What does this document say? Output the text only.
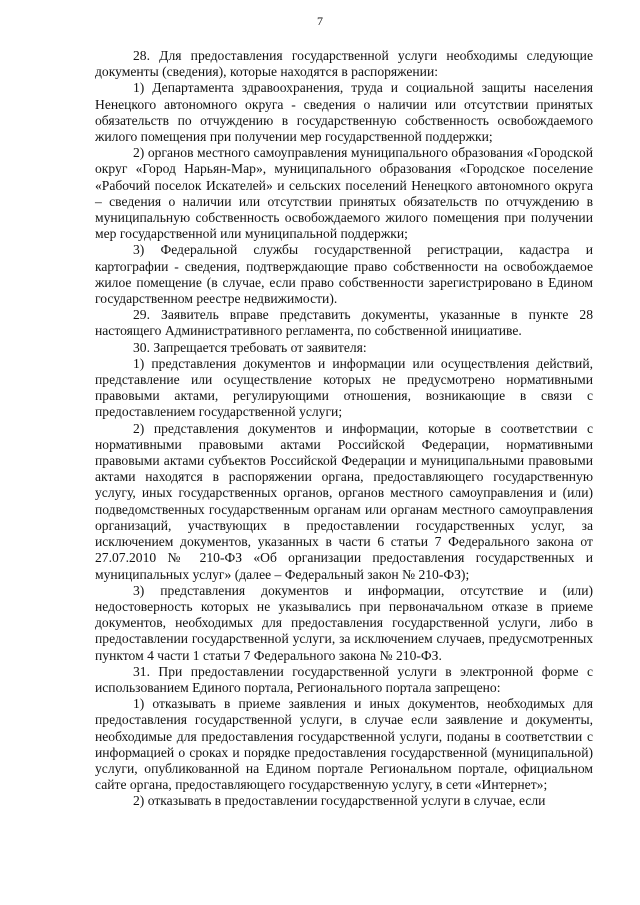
7

28. Для предоставления государственной услуги необходимы следующие документы (сведения), которые находятся в распоряжении:

1) Департамента здравоохранения, труда и социальной защиты населения Ненецкого автономного округа - сведения о наличии или отсутствии принятых обязательств по отчуждению в государственную собственность освобождаемого жилого помещения при получении мер государственной поддержки;

2) органов местного самоуправления муниципального образования «Городской округ «Город Нарьян-Мар», муниципального образования «Городское поселение «Рабочий поселок Искателей» и сельских поселений Ненецкого автономного округа – сведения о наличии или отсутствии принятых обязательств по отчуждению в муниципальную собственность освобождаемого жилого помещения при получении мер государственной или муниципальной поддержки;

3) Федеральной службы государственной регистрации, кадастра и картографии - сведения, подтверждающие право собственности на освобождаемое жилое помещение (в случае, если право собственности зарегистрировано в Едином государственном реестре недвижимости).

29. Заявитель вправе представить документы, указанные в пункте 28 настоящего Административного регламента, по собственной инициативе.

30. Запрещается требовать от заявителя:

1) представления документов и информации или осуществления действий, представление или осуществление которых не предусмотрено нормативными правовыми актами, регулирующими отношения, возникающие в связи с предоставлением государственной услуги;

2) представления документов и информации, которые в соответствии с нормативными правовыми актами Российской Федерации, нормативными правовыми актами субъектов Российской Федерации и муниципальными правовыми актами находятся в распоряжении органа, предоставляющего государственную услугу, иных государственных органов, органов местного самоуправления и (или) подведомственных государственным органам или органам местного самоуправления организаций, участвующих в предоставлении государственных услуг, за исключением документов, указанных в части 6 статьи 7 Федерального закона от 27.07.2010 № 210-ФЗ «Об организации предоставления государственных и муниципальных услуг» (далее – Федеральный закон № 210-ФЗ);

3) представления документов и информации, отсутствие и (или) недостоверность которых не указывались при первоначальном отказе в приеме документов, необходимых для предоставления государственной услуги, либо в предоставлении государственной услуги, за исключением случаев, предусмотренных пунктом 4 части 1 статьи 7 Федерального закона № 210-ФЗ.

31. При предоставлении государственной услуги в электронной форме с использованием Единого портала, Регионального портала запрещено:

1) отказывать в приеме заявления и иных документов, необходимых для предоставления государственной услуги, в случае если заявление и документы, необходимые для предоставления государственной услуги, поданы в соответствии с информацией о сроках и порядке предоставления государственной (муниципальной) услуги, опубликованной на Едином портале Региональном портале, официальном сайте органа, предоставляющего государственную услугу, в сети «Интернет»;

2) отказывать в предоставлении государственной услуги в случае, если
